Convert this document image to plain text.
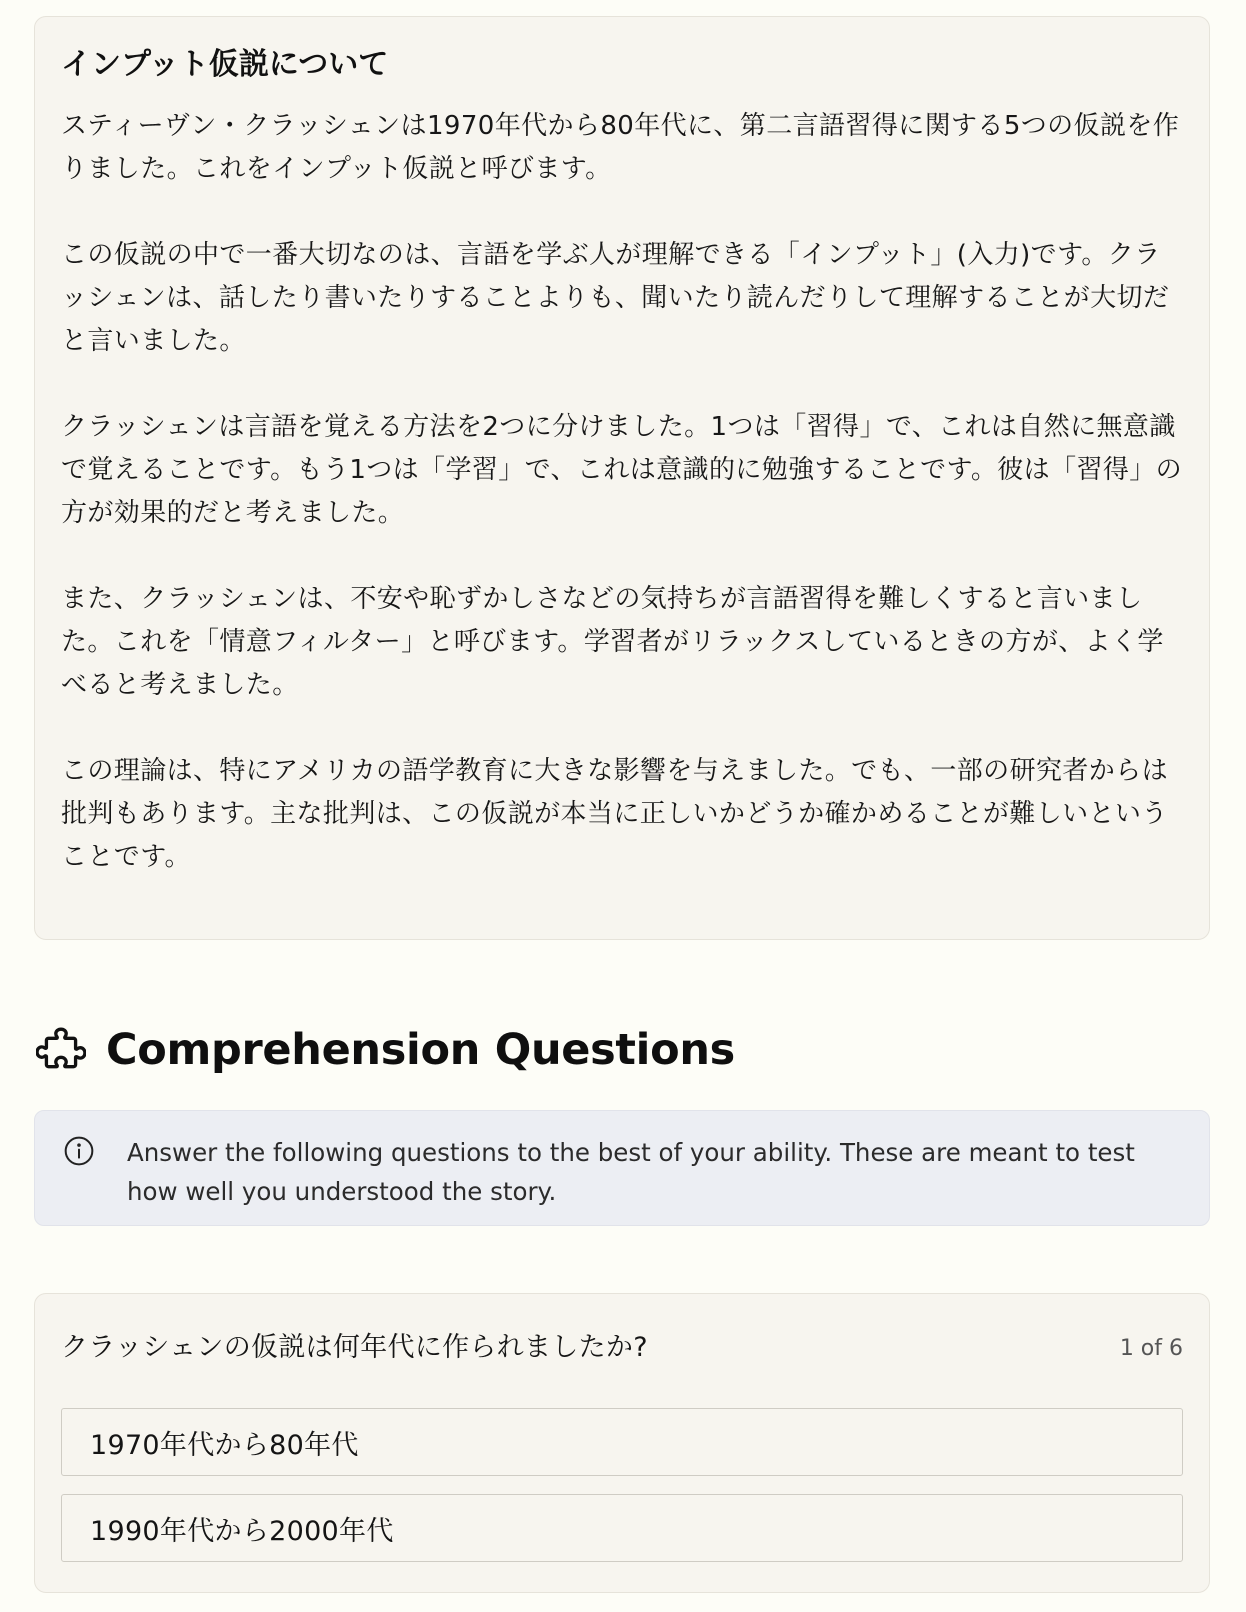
インプット仮説について

スティーヴン・クラッシェンは1970年代から80年代に、第二言語習得に関する5つの仮説を作りました。これをインプット仮説と呼びます。

この仮説の中で一番大切なのは、言語を学ぶ人が理解できる「インプット」(入力)です。クラッシェンは、話したり書いたりすることよりも、聞いたり読んだりして理解することが大切だと言いました。

クラッシェンは言語を覚える方法を2つに分けました。1つは「習得」で、これは自然に無意識で覚えることです。もう1つは「学習」で、これは意識的に勉強することです。彼は「習得」の方が効果的だと考えました。

また、クラッシェンは、不安や恥ずかしさなどの気持ちが言語習得を難しくすると言いました。これを「情意フィルター」と呼びます。学習者がリラックスしているときの方が、よく学べると考えました。

この理論は、特にアメリカの語学教育に大きな影響を与えました。でも、一部の研究者からは批判もあります。主な批判は、この仮説が本当に正しいかどうか確かめることが難しいということです。

Comprehension Questions
Answer the following questions to the best of your ability. These are meant to test how well you understood the story.
クラッシェンの仮説は何年代に作られましたか?	1 of 6
1970年代から80年代
1990年代から2000年代
